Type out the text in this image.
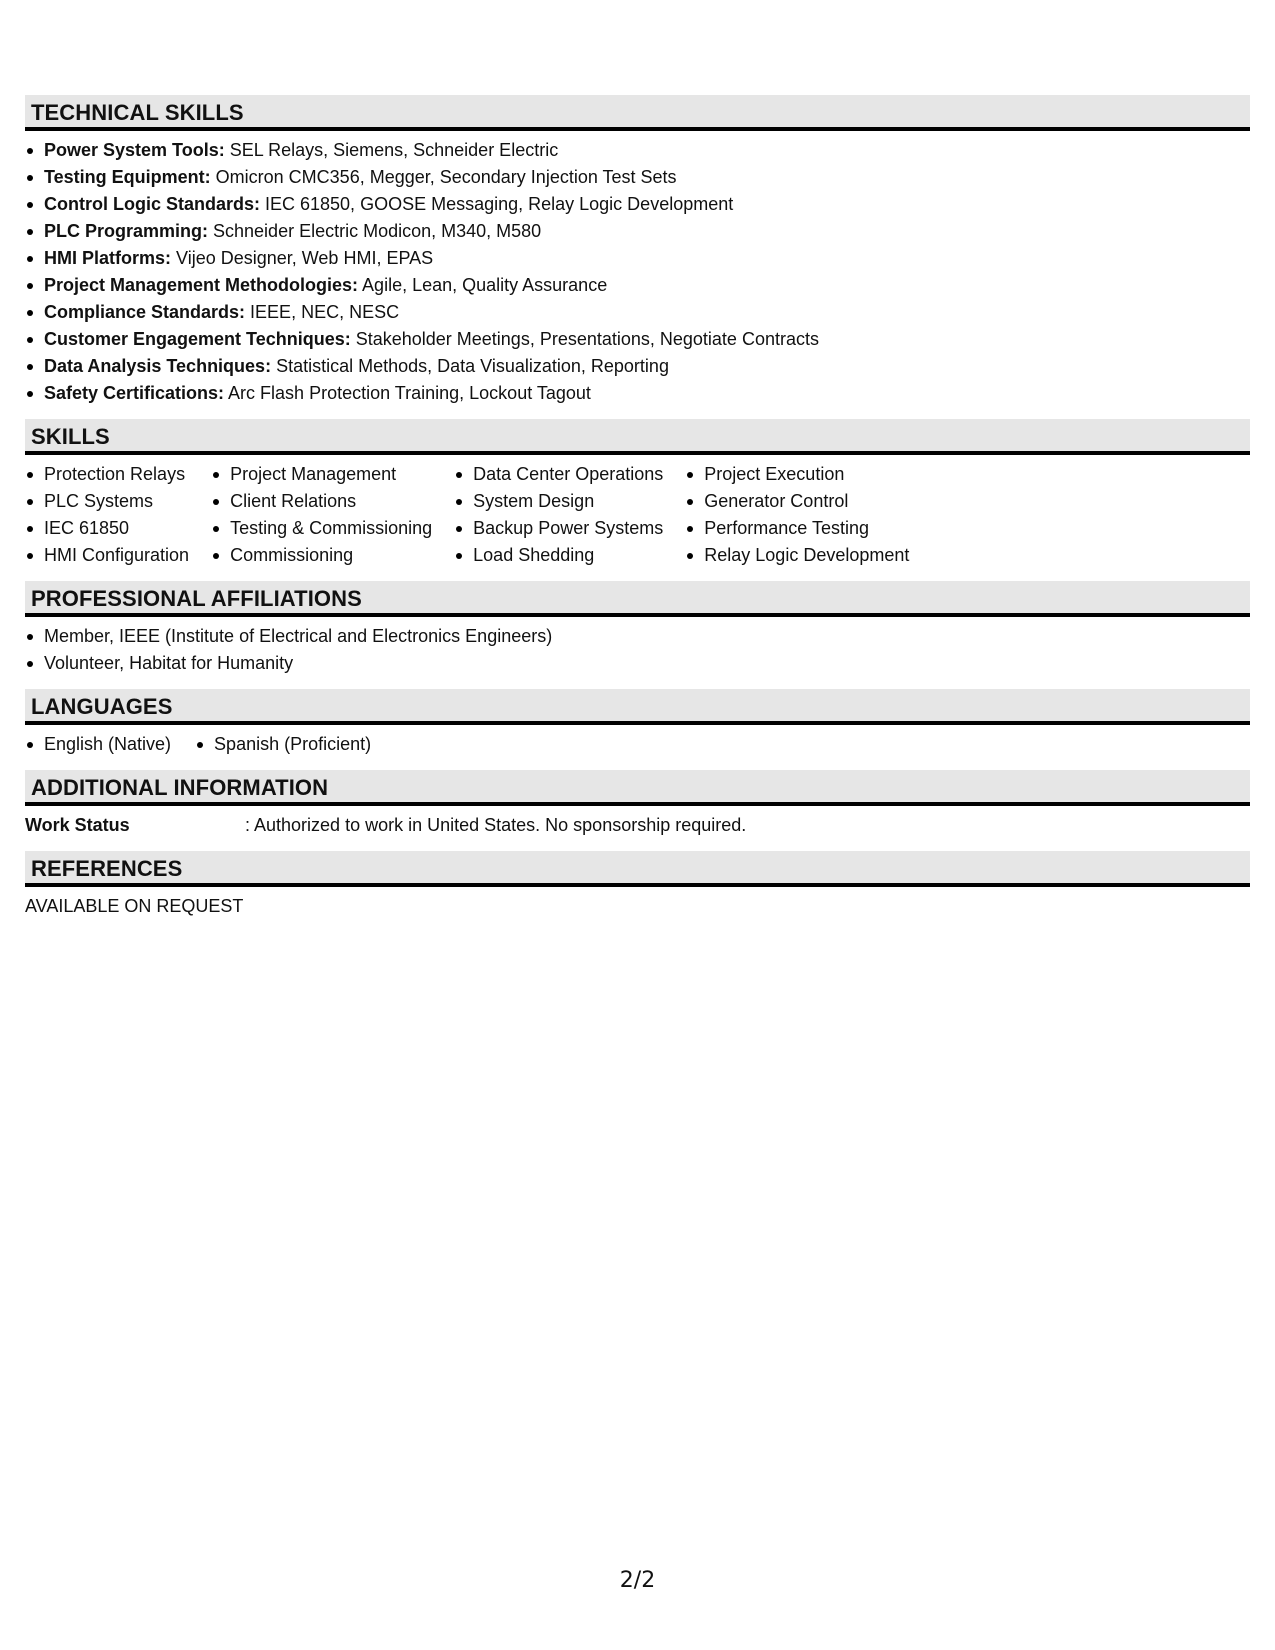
TECHNICAL SKILLS
Power System Tools: SEL Relays, Siemens, Schneider Electric
Testing Equipment: Omicron CMC356, Megger, Secondary Injection Test Sets
Control Logic Standards: IEC 61850, GOOSE Messaging, Relay Logic Development
PLC Programming: Schneider Electric Modicon, M340, M580
HMI Platforms: Vijeo Designer, Web HMI, EPAS
Project Management Methodologies: Agile, Lean, Quality Assurance
Compliance Standards: IEEE, NEC, NESC
Customer Engagement Techniques: Stakeholder Meetings, Presentations, Negotiate Contracts
Data Analysis Techniques: Statistical Methods, Data Visualization, Reporting
Safety Certifications: Arc Flash Protection Training, Lockout Tagout
SKILLS
Protection Relays
PLC Systems
IEC 61850
HMI Configuration
Project Management
Client Relations
Testing & Commissioning
Commissioning
Data Center Operations
System Design
Backup Power Systems
Load Shedding
Project Execution
Generator Control
Performance Testing
Relay Logic Development
PROFESSIONAL AFFILIATIONS
Member, IEEE (Institute of Electrical and Electronics Engineers)
Volunteer, Habitat for Humanity
LANGUAGES
English (Native)	Spanish (Proficient)
ADDITIONAL INFORMATION
Work Status	: Authorized to work in United States. No sponsorship required.
REFERENCES
AVAILABLE ON REQUEST
2/2
